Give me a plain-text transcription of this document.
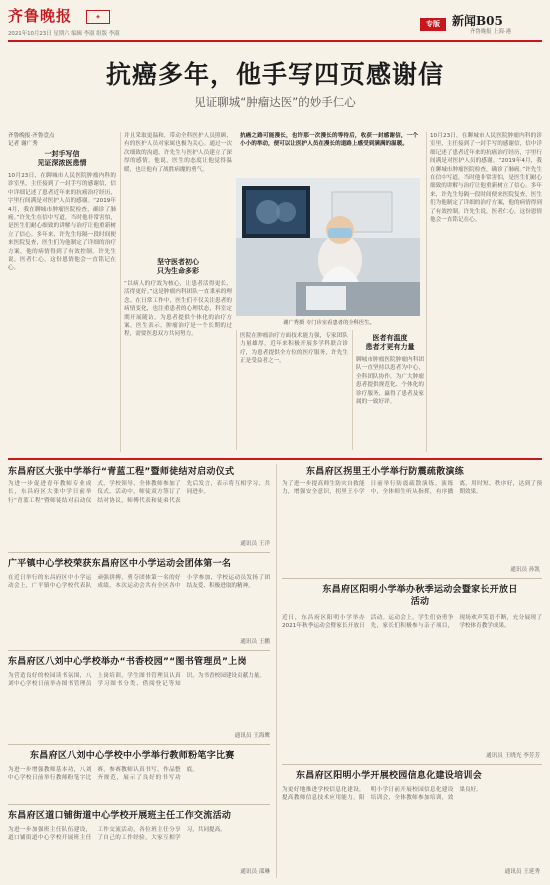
齐鲁晚报	◈
2021年10月23日 星期六 编辑 李淑 组版 李淑
专版	新闻B05
齐鲁晚报 上海·港
抗癌多年，他手写四页感谢信
见证聊城“肿瘤达医”的妙手仁心
齐鲁晚报·齐鲁壹点
记者 谢广秀
一封手写信
见证深浓医患情
10月23日，在聊城市人民医院肿瘤内科的诊室里，主任接到了一封手写的感谢信，信中详细记述了患者近年来的抗癌治疗经历，字里行间满是对医护人员的感谢。“2019年4月，我在聊城市肿瘤医院检查，确诊了肺癌。”许先生在信中写道，当时他非常害怕，是医生们耐心细致的讲解与治疗让他重新树立了信心。多年来，许先生每隔一段时间便来医院复查，医生们为他制定了详细的治疗方案，他的病情得到了有效控制。许先生说，医者仁心，这份恩情他会一直铭记在心。
并且采取更温和，带动全科医护人员照顾，有的医护人员对家属也极为关心。通过一次次细致的沟通，许先生与医护人员建立了深厚的感情，他说，医生的态度让他觉得温暖，也让他有了战胜病魔的勇气。
坚守医者初心
只为生命多彩
“以病人的疗效为核心，让患者活得更长、活得更好。”这是肿瘤内科团队一直秉承的理念。在日常工作中，医生们不仅关注患者的病情变化，也注重患者的心理状态，科室定期开展随访，为患者提供个体化的治疗方案。医生表示，肿瘤治疗是一个长期的过程，需要医患双方共同努力。
抗癌之路可能漫长，也许那一次漫长的等待后，收获一封感谢信，一个小小的举动，便可以让医护人员在漫长的道路上感受到满满的温暖。
谢广秀摄 专门诊室看患者的全科医生。
医院在肿瘤治疗方面技术能力强，专家团队力量雄厚，近年来积极开展多学科联合诊疗，为患者提供全方位的医疗服务，许先生正是受益者之一。
医者有温度
患者才更有力量
聊城市肿瘤医院肿瘤内科团队一直坚持以患者为中心，全科团队协作，为广大肿瘤患者提供规范化、个体化的诊疗服务，赢得了患者及家属的一致好评。
10月23日，在聊城市人民医院肿瘤内科的诊室里，主任接到了一封手写的感谢信，信中详细记述了患者近年来的抗癌治疗经历，字里行间满是对医护人员的感谢。“2019年4月，我在聊城市肿瘤医院检查，确诊了肺癌。”许先生在信中写道，当时他非常害怕，是医生们耐心细致的讲解与治疗让他重新树立了信心。多年来，许先生每隔一段时间便来医院复查，医生们为他制定了详细的治疗方案，他的病情得到了有效控制。许先生说，医者仁心，这份恩情他会一直铭记在心。
东昌府区大张中学举行“青蓝工程”暨师徒结对启动仪式
为进一步促进青年教师专业成长，东昌府区大张中学日前举行“青蓝工程”暨师徒结对启动仪式，学校领导、全体教师参加了仪式。活动中，师徒双方签订了结对协议，师傅代表和徒弟代表先后发言，表示将互相学习、共同进步。
通讯员 王洋
广平镇中心学校荣获东昌府区中小学运动会团体第一名
在近日举行的东昌府区中小学运动会上，广平镇中心学校代表队顽强拼搏，勇夺团体第一名的好成绩。本次运动会共有全区各中小学参加，学校运动员发扬了团结友爱、积极进取的精神。
通讯员 王鹏
东昌府区八刘中心学校举办“书香校园”“图书管理员”上岗
为营造良好的校园读书氛围，八刘中心学校日前举办图书管理员上岗培训，学生图书管理员认真学习图书分类、借阅登记等知识，为书香校园建设贡献力量。
通讯员 王海鹰
东昌府区八刘中心学校中小学举行教师粉笔字比赛
为进一步增强教师基本功，八刘中心学校日前举行教师粉笔字比赛，参赛教师认真书写，作品整齐规范，展示了良好的书写功底。
东昌府区道口铺街道中心学校开展班主任工作交流活动
为进一步加强班主任队伍建设，道口铺街道中心学校开展班主任工作交流活动，各位班主任分享了自己的工作经验，大家互相学习，共同提高。
通讯员 邵琳
东昌府区拐里王小学举行防震疏散演练
为了进一步提高师生防灾自救能力，增强安全意识，拐里王小学日前举行防震疏散演练。演练中，全体师生听从指挥，有序撤离，用时短、秩序好，达到了预期效果。
通讯员 孙凯
东昌府区阳明小学举办秋季运动会暨家长开放日活动
近日，东昌府区阳明小学举办2021年秋季运动会暨家长开放日活动。运动会上，学生们奋勇争先，家长们积极参与亲子项目，现场欢声笑语不断，充分展现了学校体育教学成果。
通讯员 王晓光 李芳芳
东昌府区阳明小学开展校园信息化建设培训会
为更好地推进学校信息化建设，提高教师信息技术应用能力，阳明小学日前开展校园信息化建设培训会，全体教师参加培训，效果良好。
通讯员 王延秀
